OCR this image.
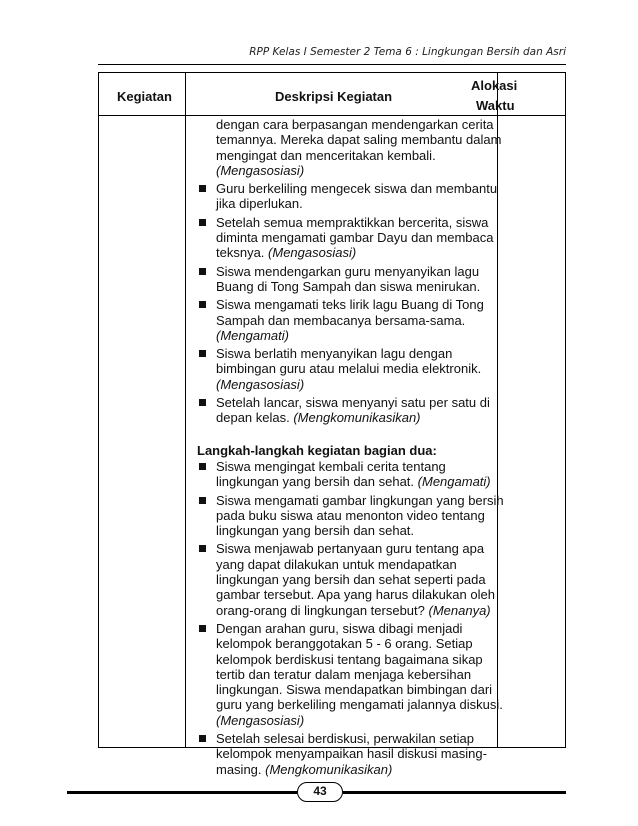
RPP Kelas I Semester 2 Tema 6 : Lingkungan Bersih dan Asri
Kegiatan	Deskripsi Kegiatan
Alokasi
Waktu
dengan cara berpasangan mendengarkan cerita
temannya. Mereka dapat saling membantu dalam
mengingat dan menceritakan kembali.
(Mengasosiasi)
Guru berkeliling mengecek siswa dan membantu
jika diperlukan.
Setelah semua mempraktikkan bercerita, siswa
diminta mengamati gambar Dayu dan membaca
teksnya. (Mengasosiasi)
Siswa mendengarkan guru menyanyikan lagu
Buang di Tong Sampah dan siswa menirukan.
Siswa mengamati teks lirik lagu Buang di Tong
Sampah dan membacanya bersama-sama.
(Mengamati)
Siswa berlatih menyanyikan lagu dengan
bimbingan guru atau melalui media elektronik.
(Mengasosiasi)
Setelah lancar, siswa menyanyi satu per satu di
depan kelas. (Mengkomunikasikan)
Langkah-langkah kegiatan bagian dua:
Siswa mengingat kembali cerita tentang
lingkungan yang bersih dan sehat. (Mengamati)
Siswa mengamati gambar lingkungan yang bersih
pada buku siswa atau menonton video tentang
lingkungan yang bersih dan sehat.
Siswa menjawab pertanyaan guru tentang apa
yang dapat dilakukan untuk mendapatkan
lingkungan yang bersih dan sehat seperti pada
gambar tersebut. Apa yang harus dilakukan oleh
orang-orang di lingkungan tersebut? (Menanya)
Dengan arahan guru, siswa dibagi menjadi
kelompok beranggotakan 5 - 6 orang. Setiap
kelompok berdiskusi tentang bagaimana sikap
tertib dan teratur dalam menjaga kebersihan
lingkungan. Siswa mendapatkan bimbingan dari
guru yang berkeliling mengamati jalannya diskusi.
(Mengasosiasi)
Setelah selesai berdiskusi, perwakilan setiap
kelompok menyampaikan hasil diskusi masing-
masing. (Mengkomunikasikan)
43
